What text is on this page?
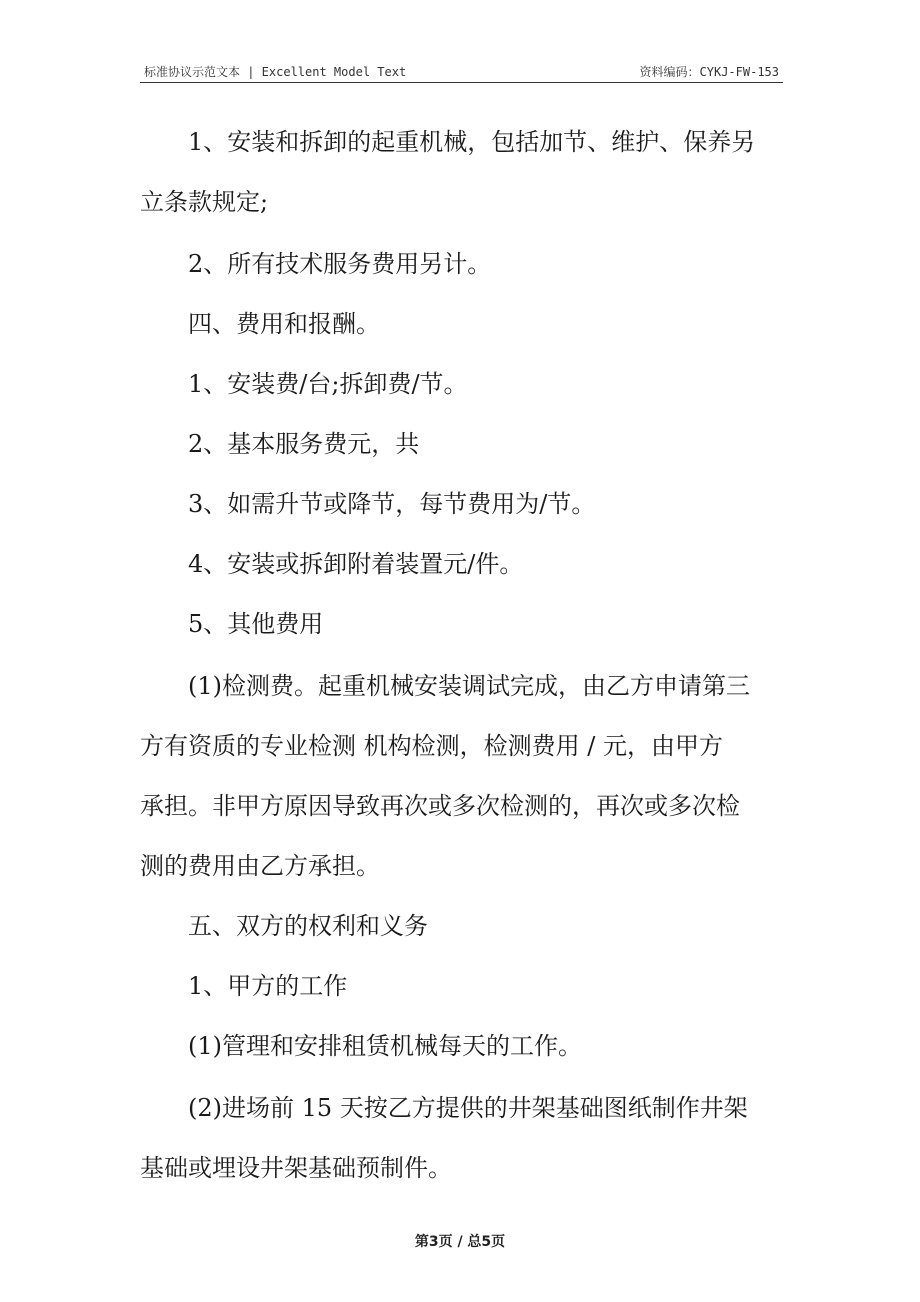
标准协议示范文本 | Excellent Model Text	资料编码：CYKJ-FW-153
1、安装和拆卸的起重机械，包括加节、维护、保养另
立条款规定;
2、所有技术服务费用另计。
四、费用和报酬。
1、安装费/台;拆卸费/节。
2、基本服务费元，共
3、如需升节或降节，每节费用为/节。
4、安装或拆卸附着装置元/件。
5、其他费用
(1)检测费。起重机械安装调试完成，由乙方申请第三
方有资质的专业检测 机构检测，检测费用 / 元，由甲方
承担。非甲方原因导致再次或多次检测的，再次或多次检
测的费用由乙方承担。
五、双方的权利和义务
1、甲方的工作
(1)管理和安排租赁机械每天的工作。
(2)进场前 15 天按乙方提供的井架基础图纸制作井架
基础或埋设井架基础预制件。
第3页 / 总5页
